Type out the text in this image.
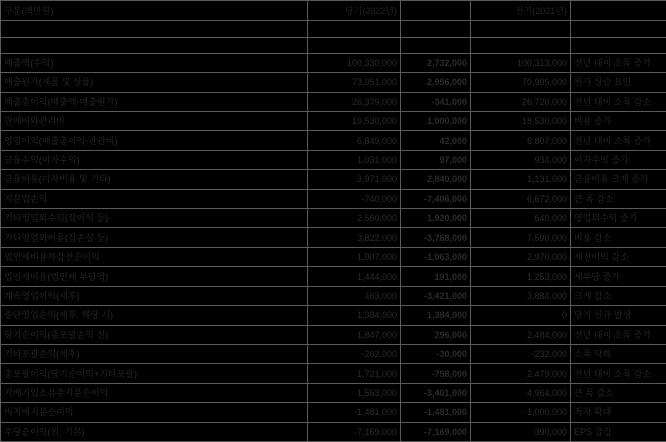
구분(백만원)	당기(2022년)		전기(2021년)	

매출액(수익)	100,330,000	2,732,000	100,313,000	전년 대비 소폭 증가
매출원가(제품 및 상품)	73,951,000	2,956,000	70,995,000	원가 상승 요인
매출총이익(매출액-매출원가)	26,379,000	-341,000	26,720,000	전년 대비 소폭 감소
판매비와관리비	19,530,000	1,000,000	18,530,000	비용 증가
영업이익(매출총이익-판관비)	6,849,000	42,000	6,807,000	전년 대비 소폭 증가
금융수익(이자수익)	1,031,000	97,000	934,000	이자수익 증가
금융비용(이자비용 및 기타)	3,971,000	2,840,000	1,131,000	금융비용 크게 증가
지분법손익	-740,000	-7,406,000	6,672,000	큰 폭 감소
기타영업외수익(잡이익 등)	2,560,000	1,920,000	640,000	영업외수익 증가
기타영업외비용(잡손실 등)	3,822,000	-3,768,000	7,590,000	비용 감소
법인세비용차감전순이익	1,907,000	-1,063,000	2,970,000	세전이익 감소
법인세비용(법인세 부담액)	1,444,000	191,000	1,253,000	세부담 증가
계속영업이익(세후)	463,000	-3,421,000	3,884,000	크게 감소
중단영업손익(세후, 해당 시)	1,384,000	1,384,000	0	당기 신규 발생
당기순이익(총포괄손익 전)	1,847,000	296,000	2,484,000	전년 대비 소폭 증가
기타포괄손익(세후)	-262,000	-30,000	-232,000	소폭 악화
총포괄이익(당기순이익+기타포괄)	1,721,000	-758,000	2,479,000	전년 대비 소폭 감소
지배기업소유주지분순이익	1,563,000	-3,401,000	4,964,000	큰 폭 감소
비지배지분순이익	-1,481,000	-1,481,000	-1,000,000	적자 확대
주당순이익(원, 기본)	-7,169,000	-7,169,000	390,000	EPS 급감
